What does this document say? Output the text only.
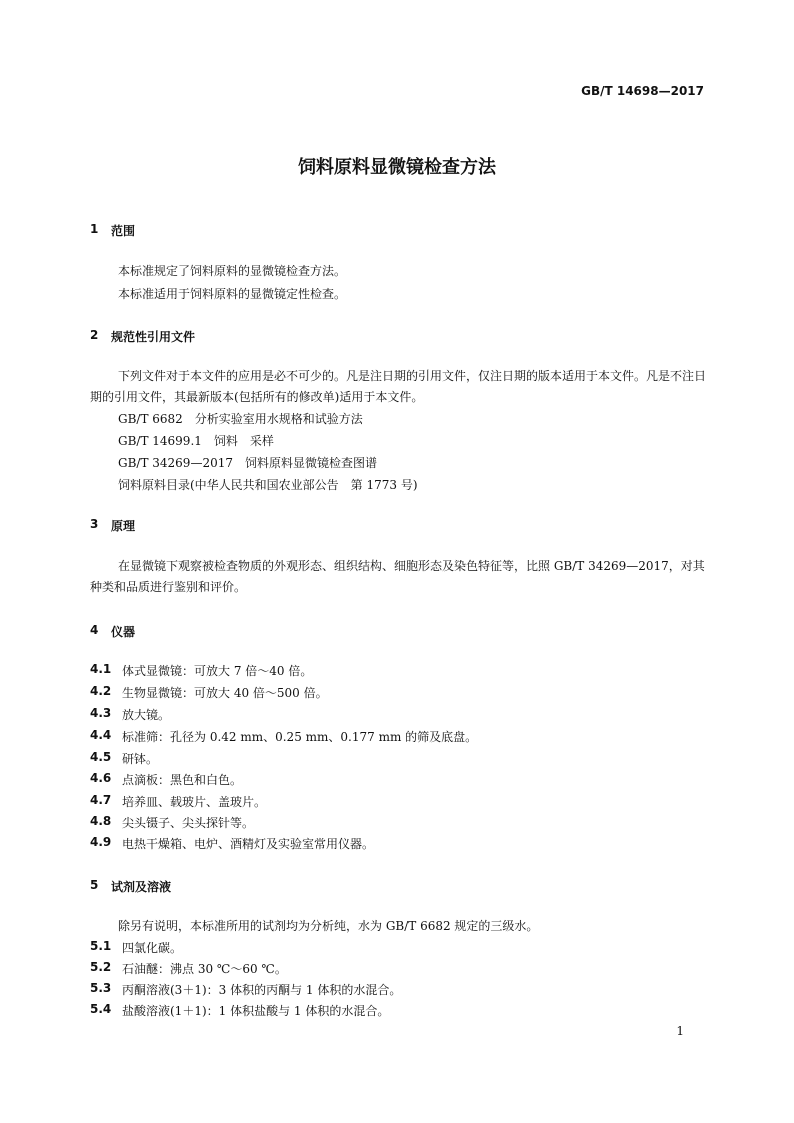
GB/T 14698—2017
饲料原料显微镜检查方法
1 范围
本标准规定了饲料原料的显微镜检查方法。
本标准适用于饲料原料的显微镜定性检查。
2 规范性引用文件
下列文件对于本文件的应用是必不可少的。凡是注日期的引用文件，仅注日期的版本适用于本文件。凡是不注日期的引用文件，其最新版本(包括所有的修改单)适用于本文件。
GB/T 6682　分析实验室用水规格和试验方法
GB/T 14699.1　饲料　采样
GB/T 34269—2017　饲料原料显微镜检查图谱
饲料原料目录(中华人民共和国农业部公告　第 1773 号)
3 原理
在显微镜下观察被检查物质的外观形态、组织结构、细胞形态及染色特征等，比照 GB/T 34269—2017，对其种类和品质进行鉴别和评价。
4 仪器
4.1 体式显微镜：可放大 7 倍～40 倍。
4.2 生物显微镜：可放大 40 倍～500 倍。
4.3 放大镜。
4.4 标准筛：孔径为 0.42 mm、0.25 mm、0.177 mm 的筛及底盘。
4.5 研钵。
4.6 点滴板：黑色和白色。
4.7 培养皿、载玻片、盖玻片。
4.8 尖头镊子、尖头探针等。
4.9 电热干燥箱、电炉、酒精灯及实验室常用仪器。
5 试剂及溶液
除另有说明，本标准所用的试剂均为分析纯，水为 GB/T 6682 规定的三级水。
5.1 四氯化碳。
5.2 石油醚：沸点 30 ℃～60 ℃。
5.3 丙酮溶液(3＋1)：3 体积的丙酮与 1 体积的水混合。
5.4 盐酸溶液(1＋1)：1 体积盐酸与 1 体积的水混合。
1
